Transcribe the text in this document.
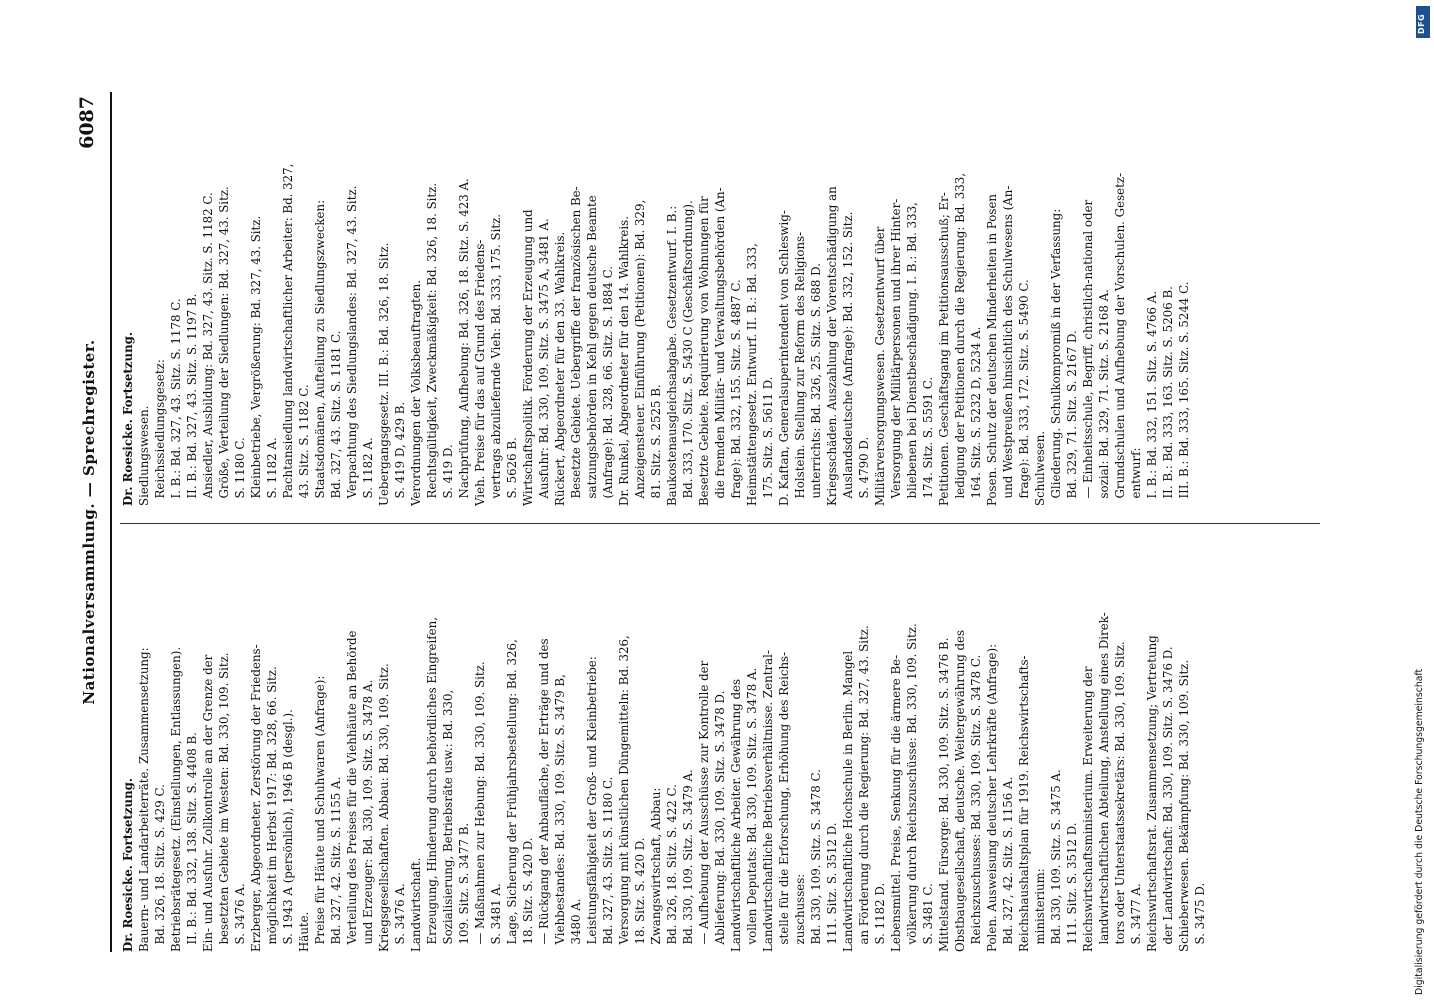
Nationalversammlung. — Sprechregister.
6087
Dr. Roesicke. Fortsetzung. Bauern- und Landarbeiterräte. Zusammensetzung: Bd. 326, 18. Sitz. S. 429 C. Betriebsrätegesetz. (Einstellungen, Entlassungen). II. B.: Bd. 332, 138. Sitz. S. 4408 B. Ein- und Ausfuhr. Zollkontrolle an der Grenze der besetzten Gebiete im Westen: Bd. 330, 109. Sitz. S. 3476 A. Erzberger, Abgeordneter. Zerstörung der Friedens- möglichkeit im Herbst 1917: Bd. 328, 66. Sitz. S. 1943 A (persönlich), 1946 B (desgl.). Häute. Preise für Häute und Schuhwaren (Anfrage): Bd. 327, 42. Sitz. S. 1155 A. Verteilung des Preises für die Viehhäute an Behörde und Erzeuger: Bd. 330, 109. Sitz. S. 3478 A. Kriegsgesellschaften. Abbau: Bd. 330, 109. Sitz. S. 3476 A. Landwirtschaft. Erzeugung, Hinderung durch behördliches Eingreifen, Sozialisierung, Betriebsräte usw.: Bd. 330, 109. Sitz. S. 3477 B. — Maßnahmen zur Hebung: Bd. 330, 109. Sitz. S. 3481 A. Lage, Sicherung der Frühjahrsbestellung: Bd. 326, 18. Sitz. S. 420 D. — Rückgang der Anbaufläche, der Erträge und des Viehbestandes: Bd. 330, 109. Sitz. S. 3479 B, 3480 A. Leistungsfähigkeit der Groß- und Kleinbetriebe: Bd. 327, 43. Sitz. S. 1180 C. Versorgung mit künstlichen Düngemitteln: Bd. 326, 18. Sitz. S. 420 D. Zwangswirtschaft, Abbau: Bd. 326, 18. Sitz. S. 422 C. Bd. 330, 109. Sitz. S. 3479 A. — Aufhebung der Ausschüsse zur Kontrolle der Ablieferung: Bd. 330, 109. Sitz. S. 3478 D. Landwirtschaftliche Arbeiter. Gewährung des vollen Deputats: Bd. 330, 109. Sitz. S. 3478 A. Landwirtschaftliche Betriebsverhältnisse. Zentral- stelle für die Erforschung, Erhöhung des Reichs- zuschusses: Bd. 330, 109. Sitz. S. 3478 C. 111. Sitz. S. 3512 D. Landwirtschaftliche Hochschule in Berlin. Mangel an Förderung durch die Regierung: Bd. 327, 43. Sitz. S. 1182 D. Lebensmittel. Preise, Senkung für die ärmere Be- völkerung durch Reichszuschüsse: Bd. 330, 109. Sitz. S. 3481 C. Mittelstand. Fürsorge: Bd. 330, 109. Sitz. S. 3476 B. Obstbaugesellschaft, deutsche. Weitergewährung des Reichszuschusses: Bd. 330, 109. Sitz. S. 3478 C. Polen. Ausweisung deutscher Lehrkräfte (Anfrage): Bd. 327, 42. Sitz. S. 1156 A. Reichshaushaltsplan für 1919. Reichswirtschafts- ministerium: Bd. 330, 109. Sitz. S. 3475 A. 111. Sitz. S. 3512 D. Reichswirtschaftsministerium. Erweiterung der landwirtschaftlichen Abteilung, Anstellung eines Direk- tors oder Unterstaatssekretärs: Bd. 330, 109. Sitz. S. 3477 A. Reichswirtschaftsrat. Zusammensetzung; Vertretung der Landwirtschaft: Bd. 330, 109. Sitz. S. 3476 D. Schieberwesen. Bekämpfung: Bd. 330, 109. Sitz. S. 3475 D.
Dr. Roesicke. Fortsetzung. Siedlungswesen. Reichssiedlungsgesetz: I. B.: Bd. 327, 43. Sitz. S. 1178 C. II. B.: Bd. 327, 43. Sitz. S. 1197 B. Ansiedler, Ausbildung: Bd. 327, 43. Sitz. S. 1182 C. Größe, Verteilung der Siedlungen: Bd. 327, 43. Sitz. S. 1180 C. Kleinbetriebe, Vergrößerung: Bd. 327, 43. Sitz. S. 1182 A. Pachtansiedlung landwirtschaftlicher Arbeiter: Bd. 327, 43. Sitz. S. 1182 C. Staatsdomänen, Aufteilung zu Siedlungszwecken: Bd. 327, 43. Sitz. S. 1181 C. Verpachtung des Siedlungslandes: Bd. 327, 43. Sitz. S. 1182 A. Uebergangsgesetz. III. B.: Bd. 326, 18. Sitz. S. 419 D, 429 B. Verordnungen der Volksbeauftragten. Rechtsgültigkeit, Zweckmäßigkeit: Bd. 326, 18. Sitz. S. 419 D. Nachprüfung, Aufhebung: Bd. 326, 18. Sitz. S. 423 A. Vieh. Preise für das auf Grund des Friedens- vertrags abzuliefernde Vieh: Bd. 333, 175. Sitz. S. 5626 B. Wirtschaftspolitik. Förderung der Erzeugung und Ausfuhr: Bd. 330, 109. Sitz. S. 3475 A, 3481 A. Rückert, Abgeordneter für den 33. Wahlkreis. Besetzte Gebiete. Uebergriffe der französischen Be- satzungsbehörden in Kehl gegen deutsche Beamte (Anfrage): Bd. 328, 66. Sitz. S. 1884 C. Dr. Runkel, Abgeordneter für den 14. Wahlkreis. Anzeigensteuer. Einführung (Petitionen): Bd. 329, 81. Sitz. S. 2525 B. Baukostenausgleichsabgabe. Gesetzentwurf. I. B.: Bd. 333, 170. Sitz. S. 5430 C (Geschäftsordnung). Besetzte Gebiete. Requirierung von Wohnungen für die fremden Militär- und Verwaltungsbehörden (An- frage): Bd. 332, 155. Sitz. S. 4887 C. Heimstättengesetz. Entwurf. II. B.: Bd. 333, 175. Sitz. S. 5611 D. D. Kaftan, Generalsuperintendent von Schleswig- Holstein. Stellung zur Reform des Religions- unterrichts: Bd. 326, 25. Sitz. S. 688 D. Kriegsschäden. Auszahlung der Vorentschädigung an Auslandsdeutsche (Anfrage): Bd. 332, 152. Sitz. S. 4790 D. Militärversorgungswesen. Gesetzentwurf über Versorgung der Militärpersonen und ihrer Hinter- bliebenen bei Dienstbeschädigung. I. B.: Bd. 333, 174. Sitz. S. 5591 C. Petitionen. Geschäftsgang im Petitionsausschuß; Er- ledigung der Petitionen durch die Regierung: Bd. 333, 164. Sitz. S. 5232 D, 5234 A. Posen. Schutz der deutschen Minderheiten in Posen und Westpreußen hinsichtlich des Schulwesens (An- frage): Bd. 333, 172. Sitz. S. 5490 C. Schulwesen. Gliederung. Schulkompromiß in der Verfassung: Bd. 329, 71. Sitz. S. 2167 D. — Einheitsschule, Begriff, christlich-national oder sozial: Bd. 329, 71. Sitz. S. 2168 A. Grundschulen und Aufhebung der Vorschulen. Gesetz- entwurf: I. B.: Bd. 332, 151. Sitz. S. 4766 A. II. B.: Bd. 333, 163. Sitz. S. 5206 B. III. B.: Bd. 333, 165. Sitz. S. 5244 C.
DFG
Digitalisierung gefördert durch die Deutsche Forschungsgemeinschaft
